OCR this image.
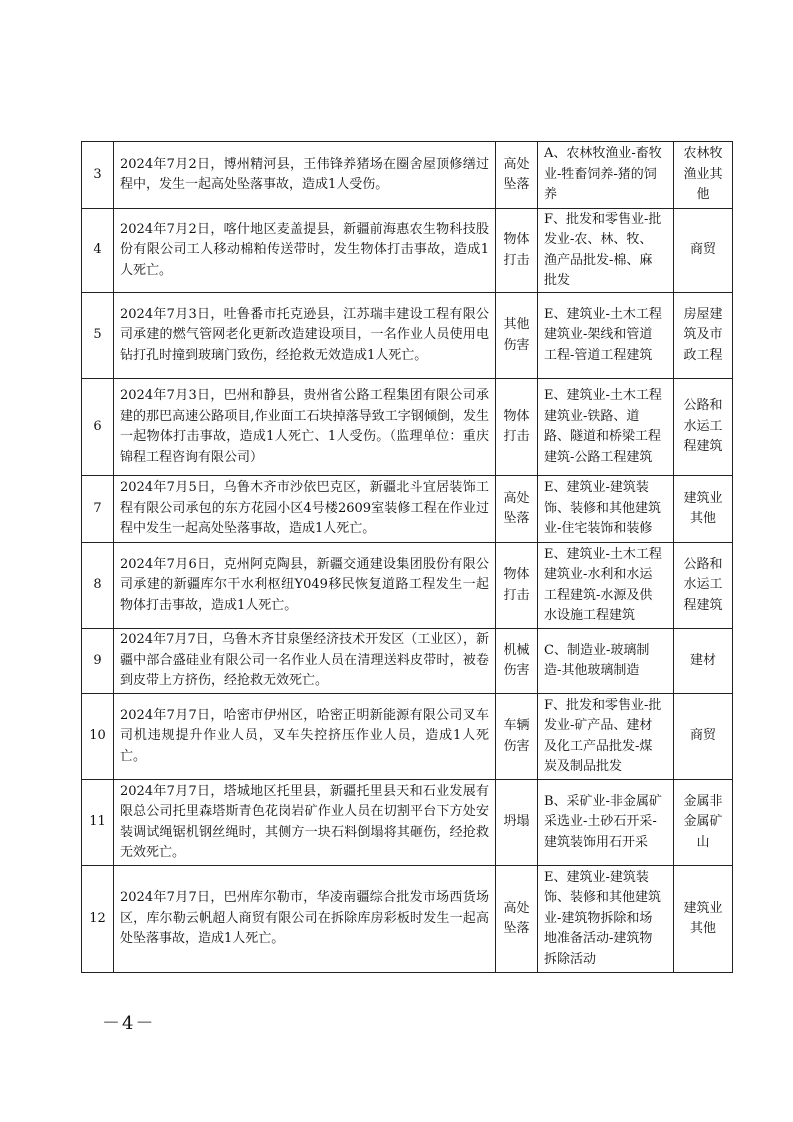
3	2024年7月2日，博州精河县，王伟锋养猪场在圈舍屋顶修缮过程中，发生一起高处坠落事故，造成1人受伤。	高处坠落	A、农林牧渔业-畜牧业-牲畜饲养-猪的饲养	农林牧渔业其他

4	2024年7月2日，喀什地区麦盖提县，新疆前海惠农生物科技股份有限公司工人移动棉粕传送带时，发生物体打击事故，造成1人死亡。	物体打击	F、批发和零售业-批发业-农、林、牧、渔产品批发-棉、麻批发	商贸

5	2024年7月3日，吐鲁番市托克逊县，江苏瑞丰建设工程有限公司承建的燃气管网老化更新改造建设项目，一名作业人员使用电钻打孔时撞到玻璃门致伤，经抢救无效造成1人死亡。	其他伤害	E、建筑业-土木工程建筑业-架线和管道工程-管道工程建筑	房屋建筑及市政工程

6	2024年7月3日，巴州和静县，贵州省公路工程集团有限公司承建的那巴高速公路项目,作业面工石块掉落导致工字钢倾倒，发生一起物体打击事故，造成1人死亡、1人受伤。（监理单位：重庆锦程工程咨询有限公司）	物体打击	E、建筑业-土木工程建筑业-铁路、道路、隧道和桥梁工程建筑-公路工程建筑	公路和水运工程建筑

7	2024年7月5日，乌鲁木齐市沙依巴克区，新疆北斗宜居装饰工程有限公司承包的东方花园小区4号楼2609室装修工程在作业过程中发生一起高处坠落事故，造成1人死亡。	高处坠落	E、建筑业-建筑装饰、装修和其他建筑业-住宅装饰和装修	建筑业其他

8	2024年7月6日，克州阿克陶县，新疆交通建设集团股份有限公司承建的新疆库尔干水利枢纽Y049移民恢复道路工程发生一起物体打击事故，造成1人死亡。	物体打击	E、建筑业-土木工程建筑业-水利和水运工程建筑-水源及供水设施工程建筑	公路和水运工程建筑

9	2024年7月7日，乌鲁木齐甘泉堡经济技术开发区（工业区），新疆中部合盛硅业有限公司一名作业人员在清理送料皮带时，被卷到皮带上方挤伤，经抢救无效死亡。	机械伤害	C、制造业-玻璃制造-其他玻璃制造	建材

10	2024年7月7日，哈密市伊州区，哈密正明新能源有限公司叉车司机违规提升作业人员，叉车失控挤压作业人员，造成1人死亡。	车辆伤害	F、批发和零售业-批发业-矿产品、建材及化工产品批发-煤炭及制品批发	商贸

11	2024年7月7日，塔城地区托里县，新疆托里县天和石业发展有限总公司托里森塔斯青色花岗岩矿作业人员在切割平台下方处安装调试绳锯机钢丝绳时，其侧方一块石料倒塌将其砸伤，经抢救无效死亡。	坍塌	B、采矿业-非金属矿采选业-土砂石开采-建筑装饰用石开采	金属非金属矿山

12	2024年7月7日，巴州库尔勒市，华凌南疆综合批发市场西货场区，库尔勒云帆超人商贸有限公司在拆除库房彩板时发生一起高处坠落事故，造成1人死亡。	高处坠落	E、建筑业-建筑装饰、装修和其他建筑业-建筑物拆除和场地准备活动-建筑物拆除活动	建筑业其他
－4－
